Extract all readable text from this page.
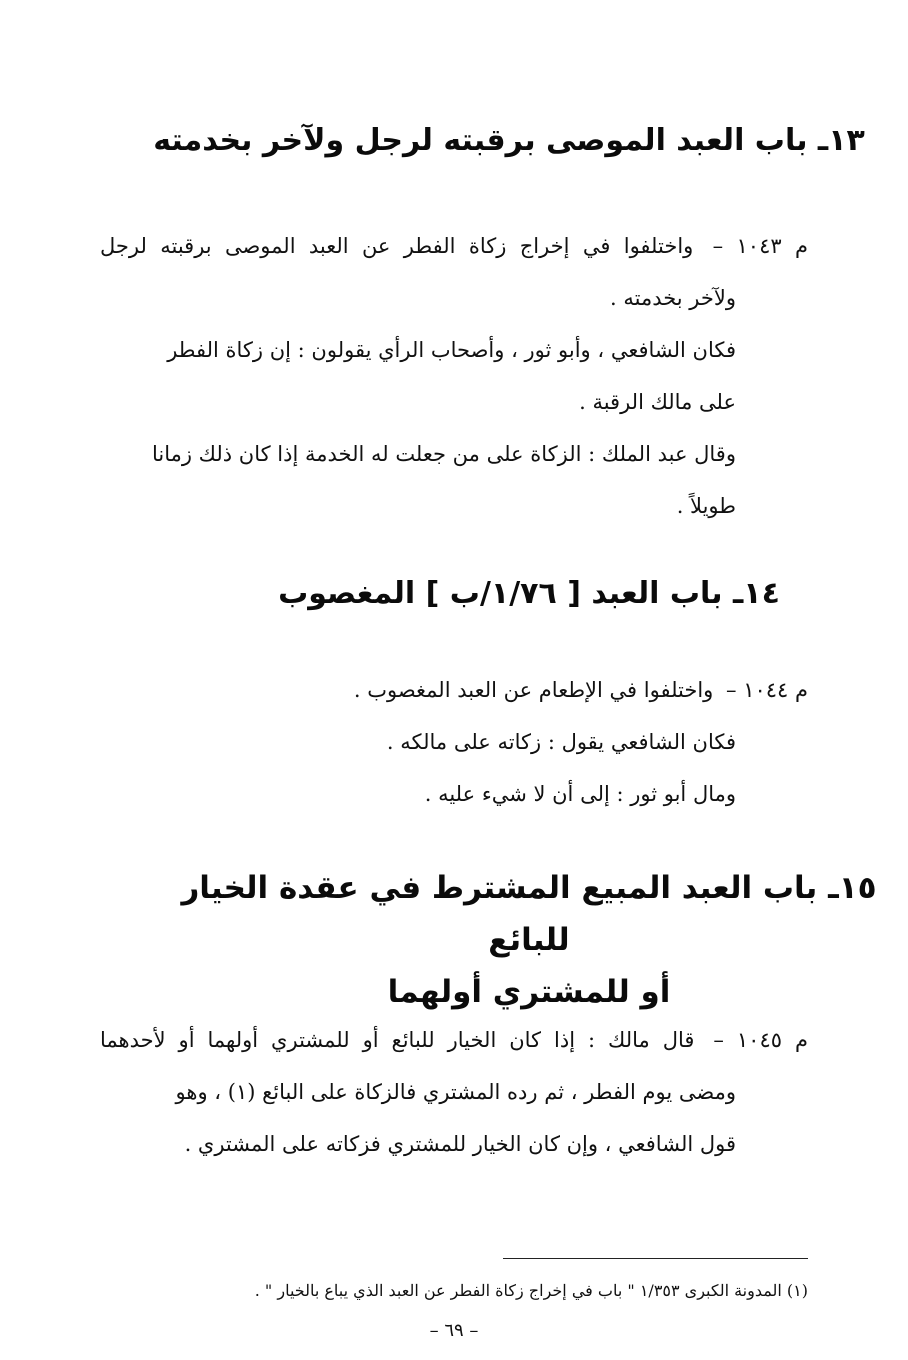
١٣ـ باب العبد الموصى برقبته لرجل ولآخر بخدمته
م ١٠٤٣ – واختلفوا في إخراج زكاة الفطر عن العبد الموصى برقبته لرجل
ولآخر بخدمته .
فكان الشافعي ، وأبو ثور ، وأصحاب الرأي يقولون : إن زكاة الفطر
على مالك الرقبة .
وقال عبد الملك : الزكاة على من جعلت له الخدمة إذا كان ذلك زمانا
طويلاً .
١٤ـ باب العبد [ ١/٧٦/ب ] المغصوب
م ١٠٤٤ – واختلفوا في الإطعام عن العبد المغصوب .
فكان الشافعي يقول : زكاته على مالكه .
ومال أبو ثور : إلى أن لا شيء عليه .
١٥ـ باب العبد المبيع المشترط في عقدة الخيار للبائع
أو للمشتري أولهما
م ١٠٤٥ – قال مالك : إذا كان الخيار للبائع أو للمشتري أولهما أو لأحدهما
ومضى يوم الفطر ، ثم رده المشتري فالزكاة على البائع (١) ، وهو
قول الشافعي ، وإن كان الخيار للمشتري فزكاته على المشتري .
(١) المدونة الكبرى ١/٣٥٣ " باب في إخراج زكاة الفطر عن العبد الذي يباع بالخيار " .
– ٦٩ –
